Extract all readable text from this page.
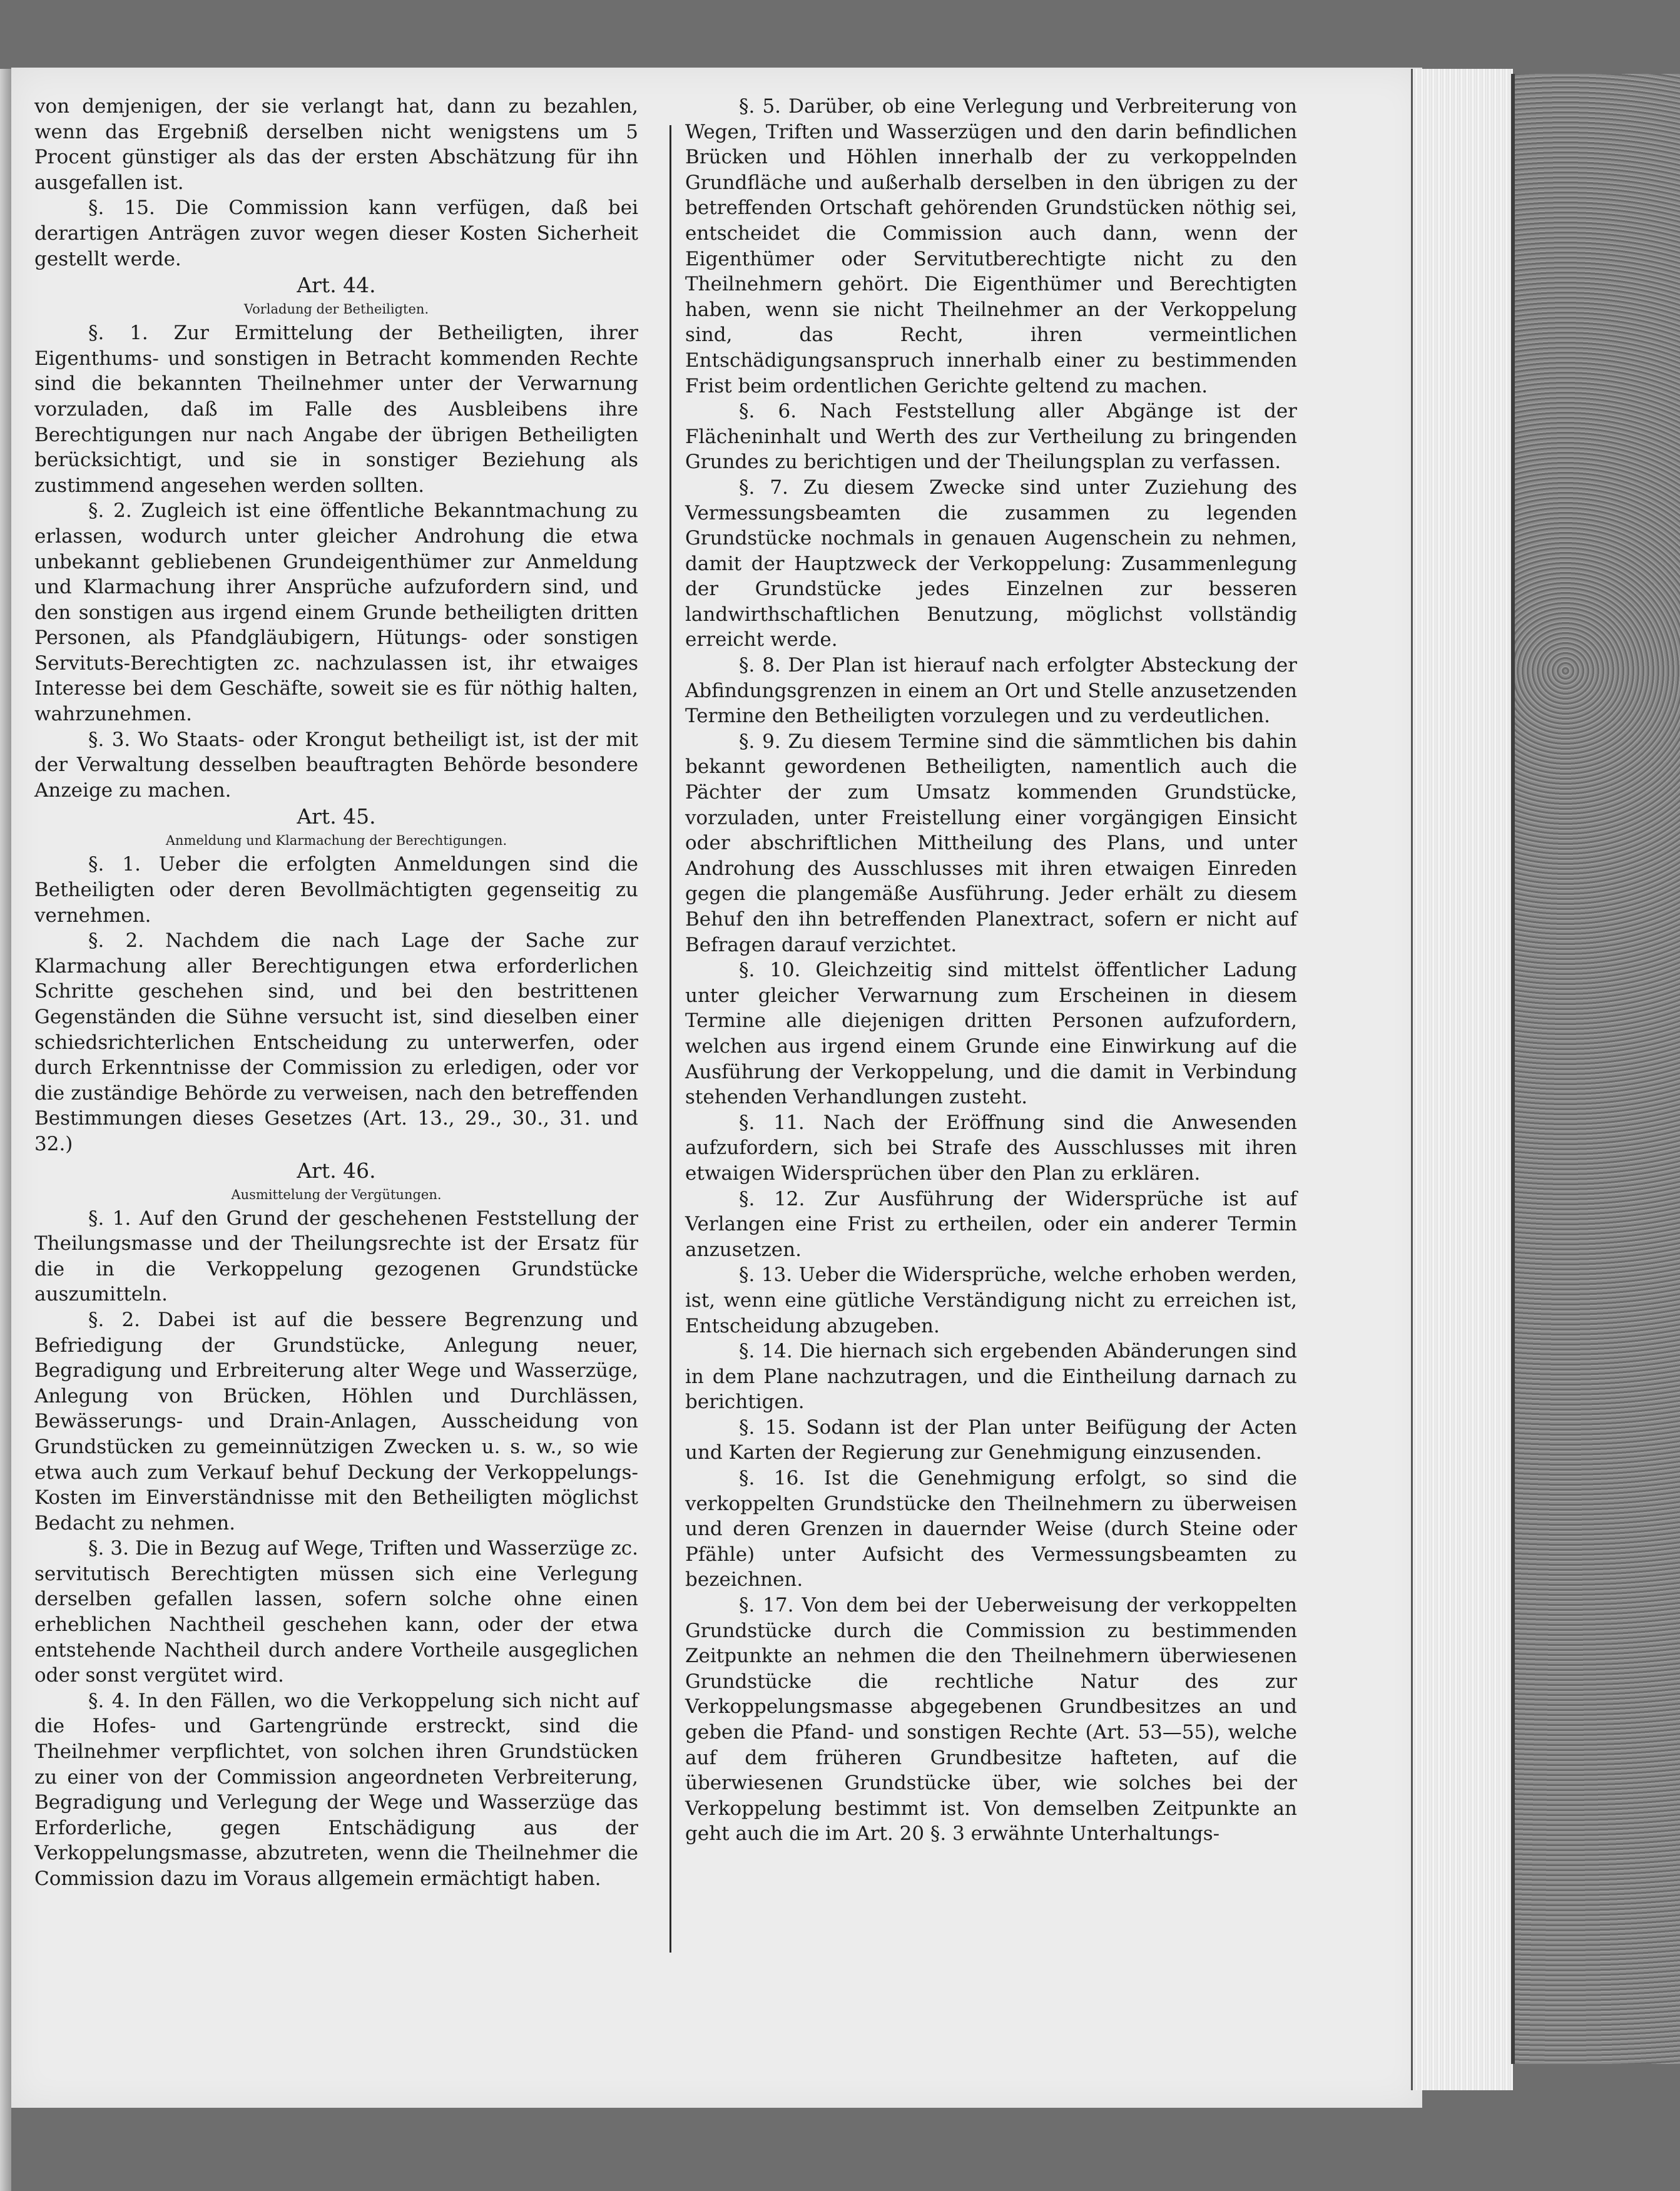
von demjenigen, der sie verlangt hat, dann zu bezahlen, wenn das Ergebniß derselben nicht wenigstens um 5 Procent günstiger als das der ersten Abschätzung für ihn ausgefallen ist.

§. 15. Die Commission kann verfügen, daß bei derartigen Anträgen zuvor wegen dieser Kosten Sicherheit gestellt werde.

Art. 44.
Vorladung der Betheiligten.

§. 1. Zur Ermittelung der Betheiligten, ihrer Eigenthums- und sonstigen in Betracht kommenden Rechte sind die bekannten Theilnehmer unter der Verwarnung vorzuladen, daß im Falle des Ausbleibens ihre Berechtigungen nur nach Angabe der übrigen Betheiligten berücksichtigt, und sie in sonstiger Beziehung als zustimmend angesehen werden sollten.

§. 2. Zugleich ist eine öffentliche Bekanntmachung zu erlassen, wodurch unter gleicher Androhung die etwa unbekannt gebliebenen Grundeigenthümer zur Anmeldung und Klarmachung ihrer Ansprüche aufzufordern sind, und den sonstigen aus irgend einem Grunde betheiligten dritten Personen, als Pfandgläubigern, Hütungs- oder sonstigen Servituts-Berechtigten zc. nachzulassen ist, ihr etwaiges Interesse bei dem Geschäfte, soweit sie es für nöthig halten, wahrzunehmen.

§. 3. Wo Staats- oder Krongut betheiligt ist, ist der mit der Verwaltung desselben beauftragten Behörde besondere Anzeige zu machen.

Art. 45.
Anmeldung und Klarmachung der Berechtigungen.

§. 1. Ueber die erfolgten Anmeldungen sind die Betheiligten oder deren Bevollmächtigten gegenseitig zu vernehmen.

§. 2. Nachdem die nach Lage der Sache zur Klarmachung aller Berechtigungen etwa erforderlichen Schritte geschehen sind, und bei den bestrittenen Gegenständen die Sühne versucht ist, sind dieselben einer schiedsrichterlichen Entscheidung zu unterwerfen, oder durch Erkenntnisse der Commission zu erledigen, oder vor die zuständige Behörde zu verweisen, nach den betreffenden Bestimmungen dieses Gesetzes (Art. 13., 29., 30., 31. und 32.)

Art. 46.
Ausmittelung der Vergütungen.

§. 1. Auf den Grund der geschehenen Feststellung der Theilungsmasse und der Theilungsrechte ist der Ersatz für die in die Verkoppelung gezogenen Grundstücke auszumitteln.

§. 2. Dabei ist auf die bessere Begrenzung und Befriedigung der Grundstücke, Anlegung neuer, Begradigung und Erbreiterung alter Wege und Wasserzüge, Anlegung von Brücken, Höhlen und Durchlässen, Bewässerungs- und Drain-Anlagen, Ausscheidung von Grundstücken zu gemeinnützigen Zwecken u. s. w., so wie etwa auch zum Verkauf behuf Deckung der Verkoppelungs-Kosten im Einverständnisse mit den Betheiligten möglichst Bedacht zu nehmen.

§. 3. Die in Bezug auf Wege, Triften und Wasserzüge zc. servitutisch Berechtigten müssen sich eine Verlegung derselben gefallen lassen, sofern solche ohne einen erheblichen Nachtheil geschehen kann, oder der etwa entstehende Nachtheil durch andere Vortheile ausgeglichen oder sonst vergütet wird.

§. 4. In den Fällen, wo die Verkoppelung sich nicht auf die Hofes- und Gartengründe erstreckt, sind die Theilnehmer verpflichtet, von solchen ihren Grundstücken zu einer von der Commission angeordneten Verbreiterung, Begradigung und Verlegung der Wege und Wasserzüge das Erforderliche, gegen Entschädigung aus der Verkoppelungsmasse, abzutreten, wenn die Theilnehmer die Commission dazu im Voraus allgemein ermächtigt haben.

§. 5. Darüber, ob eine Verlegung und Verbreiterung von Wegen, Triften und Wasserzügen und den darin befindlichen Brücken und Höhlen innerhalb der zu verkoppelnden Grundfläche und außerhalb derselben in den übrigen zu der betreffenden Ortschaft gehörenden Grundstücken nöthig sei, entscheidet die Commission auch dann, wenn der Eigenthümer oder Servitutberechtigte nicht zu den Theilnehmern gehört. Die Eigenthümer und Berechtigten haben, wenn sie nicht Theilnehmer an der Verkoppelung sind, das Recht, ihren vermeintlichen Entschädigungsanspruch innerhalb einer zu bestimmenden Frist beim ordentlichen Gerichte geltend zu machen.

§. 6. Nach Feststellung aller Abgänge ist der Flächeninhalt und Werth des zur Vertheilung zu bringenden Grundes zu berichtigen und der Theilungsplan zu verfassen.

§. 7. Zu diesem Zwecke sind unter Zuziehung des Vermessungsbeamten die zusammen zu legenden Grundstücke nochmals in genauen Augenschein zu nehmen, damit der Hauptzweck der Verkoppelung: Zusammenlegung der Grundstücke jedes Einzelnen zur besseren landwirthschaftlichen Benutzung, möglichst vollständig erreicht werde.

§. 8. Der Plan ist hierauf nach erfolgter Absteckung der Abfindungsgrenzen in einem an Ort und Stelle anzusetzenden Termine den Betheiligten vorzulegen und zu verdeutlichen.

§. 9. Zu diesem Termine sind die sämmtlichen bis dahin bekannt gewordenen Betheiligten, namentlich auch die Pächter der zum Umsatz kommenden Grundstücke, vorzuladen, unter Freistellung einer vorgängigen Einsicht oder abschriftlichen Mittheilung des Plans, und unter Androhung des Ausschlusses mit ihren etwaigen Einreden gegen die plangemäße Ausführung. Jeder erhält zu diesem Behuf den ihn betreffenden Planextract, sofern er nicht auf Befragen darauf verzichtet.

§. 10. Gleichzeitig sind mittelst öffentlicher Ladung unter gleicher Verwarnung zum Erscheinen in diesem Termine alle diejenigen dritten Personen aufzufordern, welchen aus irgend einem Grunde eine Einwirkung auf die Ausführung der Verkoppelung, und die damit in Verbindung stehenden Verhandlungen zusteht.

§. 11. Nach der Eröffnung sind die Anwesenden aufzufordern, sich bei Strafe des Ausschlusses mit ihren etwaigen Widersprüchen über den Plan zu erklären.

§. 12. Zur Ausführung der Widersprüche ist auf Verlangen eine Frist zu ertheilen, oder ein anderer Termin anzusetzen.

§. 13. Ueber die Widersprüche, welche erhoben werden, ist, wenn eine gütliche Verständigung nicht zu erreichen ist, Entscheidung abzugeben.

§. 14. Die hiernach sich ergebenden Abänderungen sind in dem Plane nachzutragen, und die Eintheilung darnach zu berichtigen.

§. 15. Sodann ist der Plan unter Beifügung der Acten und Karten der Regierung zur Genehmigung einzusenden.

§. 16. Ist die Genehmigung erfolgt, so sind die verkoppelten Grundstücke den Theilnehmern zu überweisen und deren Grenzen in dauernder Weise (durch Steine oder Pfähle) unter Aufsicht des Vermessungsbeamten zu bezeichnen.

§. 17. Von dem bei der Ueberweisung der verkoppelten Grundstücke durch die Commission zu bestimmenden Zeitpunkte an nehmen die den Theilnehmern überwiesenen Grundstücke die rechtliche Natur des zur Verkoppelungsmasse abgegebenen Grundbesitzes an und geben die Pfand- und sonstigen Rechte (Art. 53—55), welche auf dem früheren Grundbesitze hafteten, auf die überwiesenen Grundstücke über, wie solches bei der Verkoppelung bestimmt ist. Von demselben Zeitpunkte an geht auch die im Art. 20 §. 3 erwähnte Unterhaltungs-
